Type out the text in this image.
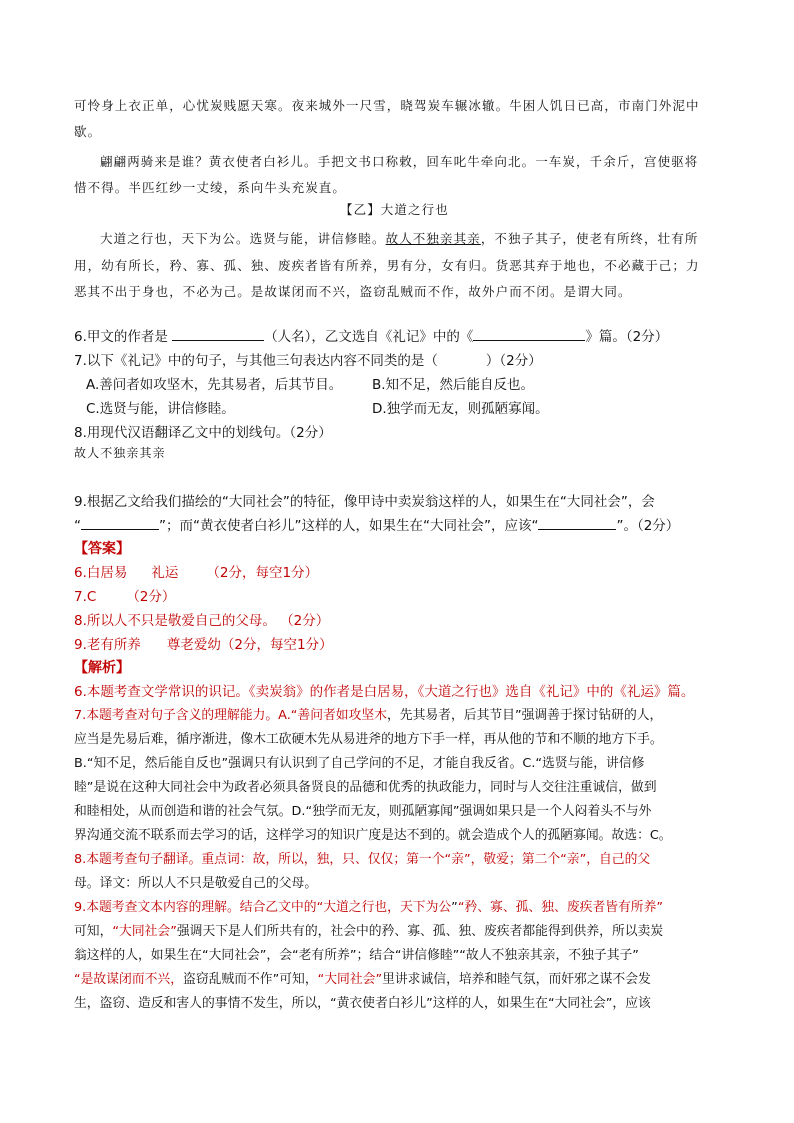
可怜身上衣正单，心忧炭贱愿天寒。夜来城外一尺雪，晓驾炭车辗冰辙。牛困人饥日已高，市南门外泥中

歇。

翩翩两骑来是谁？黄衣使者白衫儿。手把文书口称敕，回车叱牛牵向北。一车炭，千余斤，宫使驱将

惜不得。半匹红纱一丈绫，系向牛头充炭直。

【乙】大道之行也

大道之行也，天下为公。选贤与能，讲信修睦。故人不独亲其亲，不独子其子，使老有所终，壮有所

用，幼有所长，矜、寡、孤、独、废疾者皆有所养，男有分，女有归。货恶其弃于地也，不必藏于己；力

恶其不出于身也，不必为己。是故谋闭而不兴，盗窃乱贼而不作，故外户而不闭。是谓大同。

6.甲文的作者是	（人名），乙文选自《礼记》中的《	》篇。（2分）

7.以下《礼记》中的句子，与其他三句表达内容不同类的是（	）（2分）

A.善问者如攻坚木，先其易者，后其节目。 B.知不足，然后能自反也。

C.选贤与能，讲信修睦。	D.独学而无友，则孤陋寡闻。

8.用现代汉语翻译乙文中的划线句。（2分）

故人不独亲其亲

9.根据乙文给我们描绘的“大同社会”的特征，像甲诗中卖炭翁这样的人，如果生在“大同社会”，会

“	”；而“黄衣使者白衫儿”这样的人，如果生在“大同社会”，应该“	”。（2分）

【答案】

6.白居易 礼运 （2分，每空1分）

7.C （2分）

8.所以人不只是敬爱自己的父母。 （2分）

9.老有所养 尊老爱幼（2分，每空1分）

【解析】

6.本题考查文学常识的识记。《卖炭翁》的作者是白居易，《大道之行也》选自《礼记》中的《礼运》篇。

7.本题考查对句子含义的理解能力。A.“善问者如攻坚木，先其易者，后其节目”强调善于探讨钻研的人，

应当是先易后难，循序渐进，像木工砍硬木先从易进斧的地方下手一样，再从他的节和不顺的地方下手。

B.“知不足，然后能自反也”强调只有认识到了自己学问的不足，才能自我反省。C.“选贤与能，讲信修

睦”是说在这种大同社会中为政者必须具备贤良的品德和优秀的执政能力，同时与人交往注重诚信，做到

和睦相处，从而创造和谐的社会气氛。D.“独学而无友，则孤陋寡闻”强调如果只是一个人闷着头不与外

界沟通交流不联系而去学习的话，这样学习的知识广度是达不到的。就会造成个人的孤陋寡闻。故选：C。

8.本题考查句子翻译。重点词：故，所以，独，只、仅仅；第一个“亲”，敬爱；第二个“亲”，自己的父

母。译文：所以人不只是敬爱自己的父母。

9.本题考查文本内容的理解。结合乙文中的“大道之行也，天下为公”“矜、寡、孤、独、废疾者皆有所养”

可知，“大同社会”强调天下是人们所共有的，社会中的矜、寡、孤、独、废疾者都能得到供养，所以卖炭

翁这样的人，如果生在“大同社会”，会“老有所养”；结合“讲信修睦”“故人不独亲其亲，不独子其子”

“是故谋闭而不兴，盗窃乱贼而不作”可知，“大同社会”里讲求诚信，培养和睦气氛，而奸邪之谋不会发

生，盗窃、造反和害人的事情不发生，所以，“黄衣使者白衫儿”这样的人，如果生在“大同社会”，应该
